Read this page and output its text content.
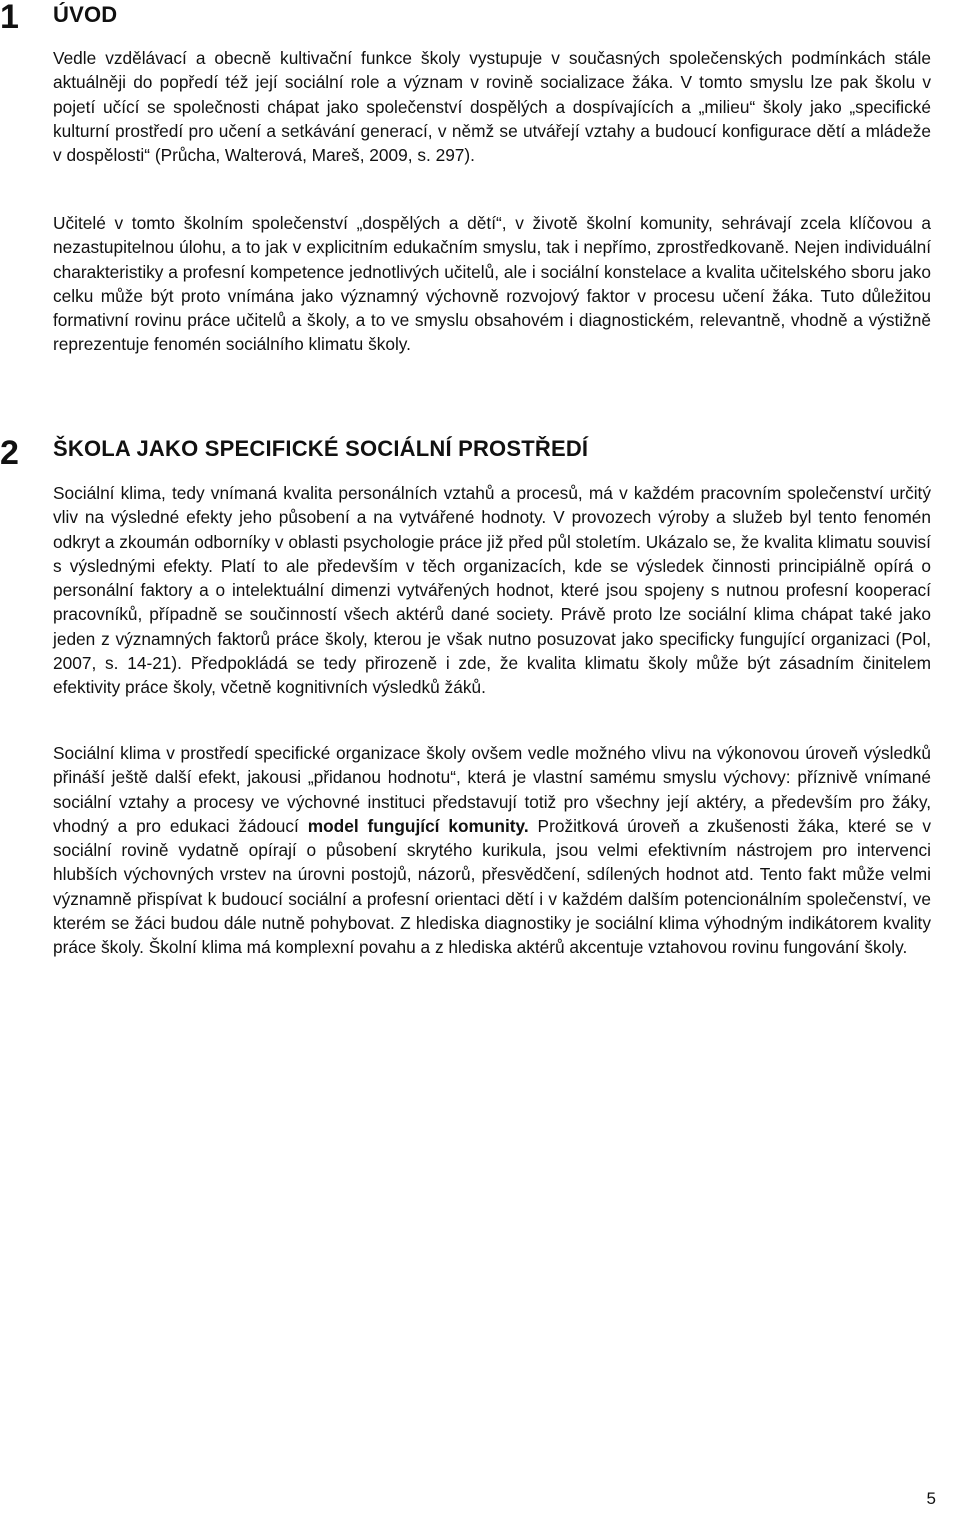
1 ÚVOD

Vedle vzdělávací a obecně kultivační funkce školy vystupuje v současných společenských podmínkách stále aktuálněji do popředí též její sociální role a význam v rovině socializace žáka. V tomto smyslu lze pak školu v pojetí učící se společnosti chápat jako společenství dospělých a dospívajících a „milieu“ školy jako „specifické kulturní prostředí pro učení a setkávání generací, v němž se utvářejí vztahy a budoucí konfigurace dětí a mládeže v dospělosti“ (Průcha, Walterová, Mareš, 2009, s. 297).

Učitelé v tomto školním společenství „dospělých a dětí“, v životě školní komunity, sehrávají zcela klíčovou a nezastupitelnou úlohu, a to jak v explicitním edukačním smyslu, tak i nepřímo, zprostředkovaně. Nejen individuální charakteristiky a profesní kompetence jednotlivých učitelů, ale i sociální konstelace a kvalita učitelského sboru jako celku může být proto vnímána jako významný výchovně rozvojový faktor v procesu učení žáka. Tuto důležitou formativní rovinu práce učitelů a školy, a to ve smyslu obsahovém i diagnostickém, relevantně, vhodně a výstižně reprezentuje fenomén sociálního klimatu školy.

2 ŠKOLA JAKO SPECIFICKÉ SOCIÁLNÍ PROSTŘEDÍ

Sociální klima, tedy vnímaná kvalita personálních vztahů a procesů, má v každém pracovním společenství určitý vliv na výsledné efekty jeho působení a na vytvářené hodnoty. V provozech výroby a služeb byl tento fenomén odkryt a zkoumán odborníky v oblasti psychologie práce již před půl stoletím. Ukázalo se, že kvalita klimatu souvisí s výslednými efekty. Platí to ale především v těch organizacích, kde se výsledek činnosti principiálně opírá o personální faktory a o intelektuální dimenzi vytvářených hodnot, které jsou spojeny s nutnou profesní kooperací pracovníků, případně se součinností všech aktérů dané society. Právě proto lze sociální klima chápat také jako jeden z významných faktorů práce školy, kterou je však nutno posuzovat jako specificky fungující organizaci (Pol, 2007, s. 14-21). Předpokládá se tedy přirozeně i zde, že kvalita klimatu školy může být zásadním činitelem efektivity práce školy, včetně kognitivních výsledků žáků.

Sociální klima v prostředí specifické organizace školy ovšem vedle možného vlivu na výkonovou úroveň výsledků přináší ještě další efekt, jakousi „přidanou hodnotu“, která je vlastní samému smyslu výchovy: příznivě vnímané sociální vztahy a procesy ve výchovné instituci představují totiž pro všechny její aktéry, a především pro žáky, vhodný a pro edukaci žádoucí model fungující komunity. Prožitková úroveň a zkušenosti žáka, které se v sociální rovině vydatně opírají o působení skrytého kurikula, jsou velmi efektivním nástrojem pro intervenci hlubších výchovných vrstev na úrovni postojů, názorů, přesvědčení, sdílených hodnot atd. Tento fakt může velmi významně přispívat k budoucí sociální a profesní orientaci dětí i v každém dalším potencionálním společenství, ve kterém se žáci budou dále nutně pohybovat. Z hlediska diagnostiky je sociální klima výhodným indikátorem kvality práce školy. Školní klima má komplexní povahu a z hlediska aktérů akcentuje vztahovou rovinu fungování školy.

5
